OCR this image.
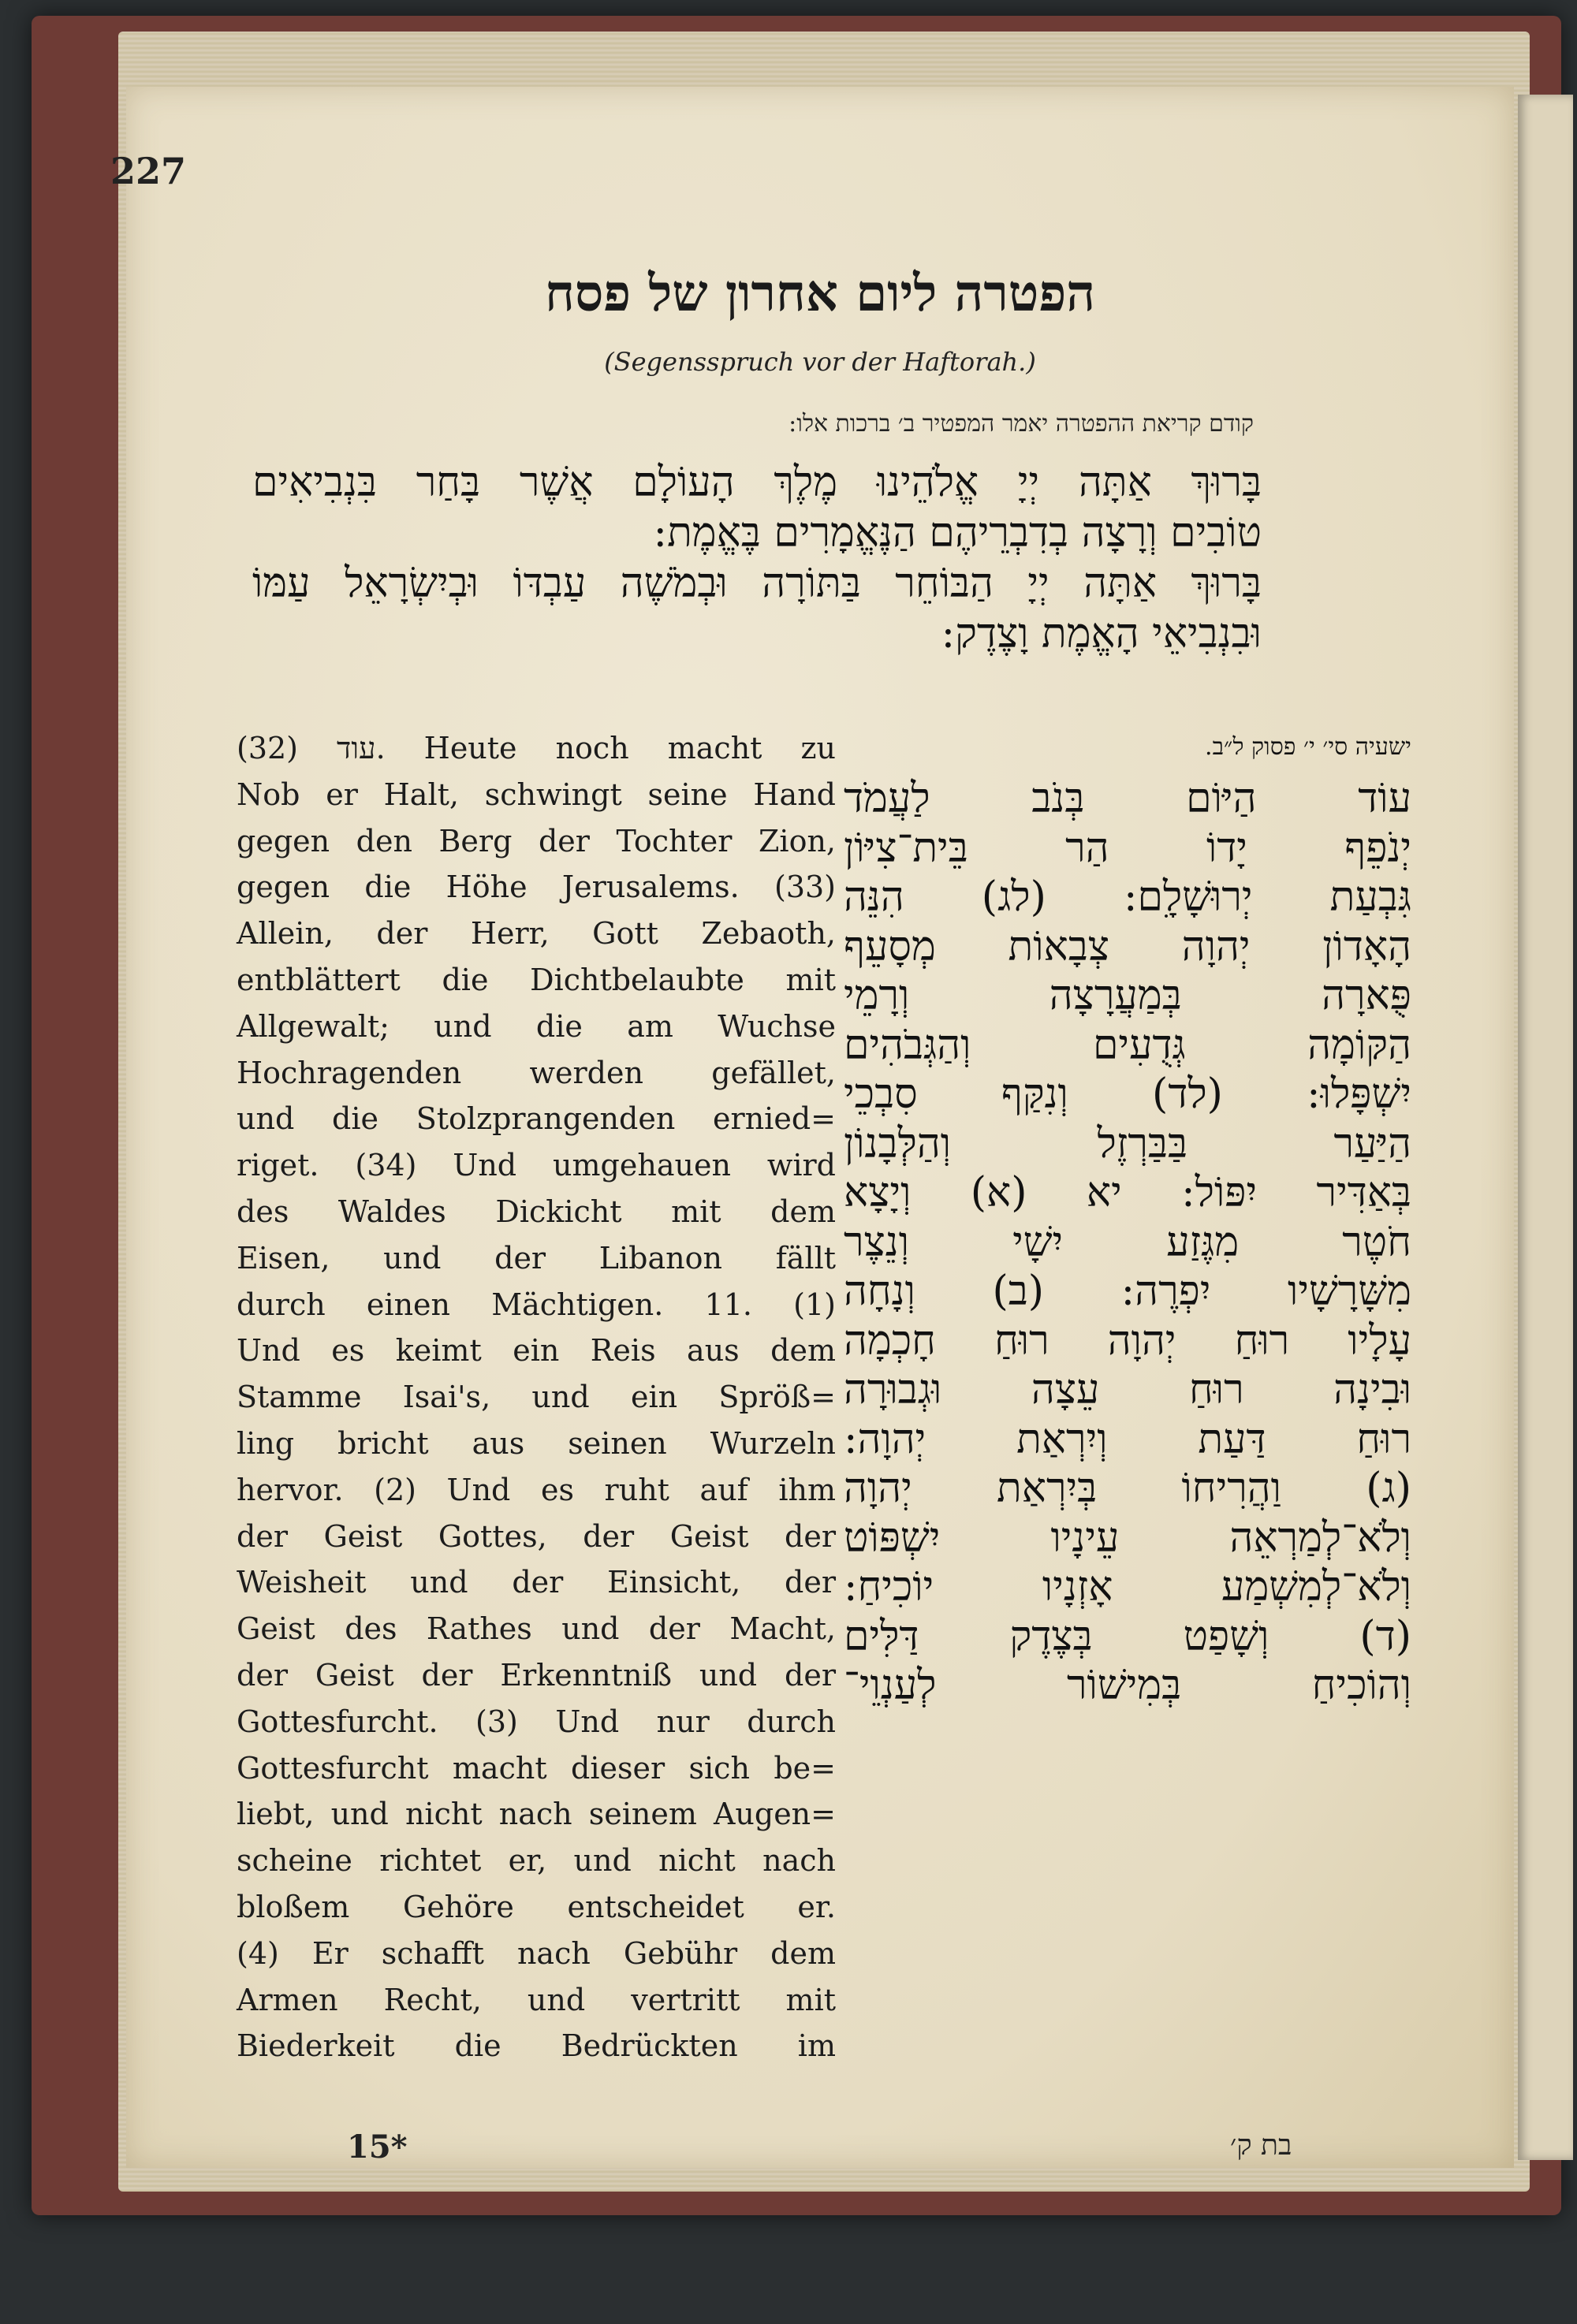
227
הפטרה ליום אחרון של פסח
(Segensspruch vor der Haftorah.)
קודם קריאת ההפטרה יאמר המפטיר ב׳ ברכות אלו:

בָּרוּךְ אַתָּה יְיָ אֱלֹהֵינוּ מֶלֶךְ הָעוֹלָם אֲשֶׁר בָּחַר בִּנְבִיאִים

טוֹבִים וְרָצָה בְדִבְרֵיהֶם הַנֶּאֱמָרִים בֶּאֱמֶת:

בָּרוּךְ אַתָּה יְיָ הַבּוֹחֵר בַּתּוֹרָה וּבְמֹשֶׁה עַבְדּוֹ וּבְיִשְׂרָאֵל עַמּוֹ

וּבִנְבִיאֵי הָאֱמֶת וָצֶדֶק:

(32) עוד. Heute noch macht zu

Nob er Halt, schwingt seine Hand

gegen den Berg der Tochter Zion,

gegen die Höhe Jerusalems. (33)

Allein, der Herr, Gott Zebaoth,

entblättert die Dichtbelaubte mit

Allgewalt; und die am Wuchse

Hochragenden werden gefället,

und die Stolzprangenden ernied=

riget. (34) Und umgehauen wird

des Waldes Dickicht mit dem

Eisen, und der Libanon fällt

durch einen Mächtigen. 11. (1)

Und es keimt ein Reis aus dem

Stamme Isai's, und ein Spröß=

ling bricht aus seinen Wurzeln

hervor. (2) Und es ruht auf ihm

der Geist Gottes, der Geist der

Weisheit und der Einsicht, der

Geist des Rathes und der Macht,

der Geist der Erkenntniß und der

Gottesfurcht. (3) Und nur durch

Gottesfurcht macht dieser sich be=

liebt, und nicht nach seinem Augen=

scheine richtet er, und nicht nach

bloßem Gehöre entscheidet er.

(4) Er schafft nach Gebühr dem

Armen Recht, und vertritt mit

Biederkeit die Bedrückten im

ישעיה סי׳ י׳ פסוק ל״ב.

עוֹד הַיּוֹם בְּנֹב לַעֲמֹד

יְנֹפֵף יָדוֹ הַר בֵּית־צִיּוֹן

גִּבְעַת יְרוּשָׁלִָם: (לג) הִנֵּה

הָאָדוֹן יְהוָה צְבָאוֹת מְסָעֵף

פֻּארָה בְּמַעֲרָצָה וְרָמֵי

הַקּוֹמָה גְּדֻעִים וְהַגְּבֹהִים

יִשְׁפָּלוּ: (לד) וְנִקַּף סִבְכֵי

הַיַּעַר בַּבַּרְזֶל וְהַלְּבָנוֹן

בְּאַדִּיר יִפּוֹל: יא (א) וְיָצָא

חֹטֶר מִגֶּזַע יִשָׁי וְנֵצֶר

מִשָּׁרָשָׁיו יִפְרֶה: (ב) וְנָחָה

עָלָיו רוּחַ יְהוָה רוּחַ חָכְמָה

וּבִינָה רוּחַ עֵצָה וּגְבוּרָה

רוּחַ דַּעַת וְיִרְאַת יְהוָה:

(ג) וַהֲרִיחוֹ בְּיִרְאַת יְהוָה

וְלֹא־לְמַרְאֵה עֵינָיו יִשְׁפּוֹט

וְלֹא־לְמִשְׁמַע אָזְנָיו יוֹכִיחַ:

(ד) וְשָׁפַט בְּצֶדֶק דַּלִּים

וְהוֹכִיחַ בְּמִישׁוֹר לְעַנְוֵי־

15*	בת ק׳
